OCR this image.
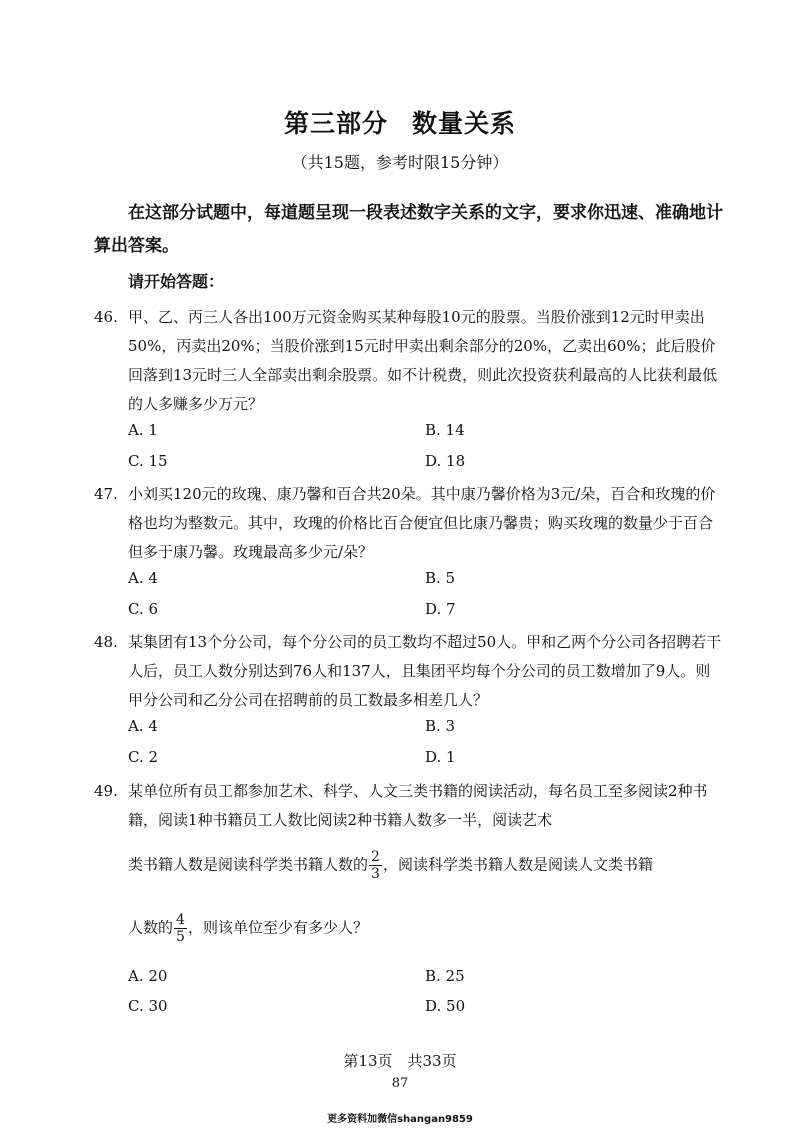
第三部分 数量关系
（共15题，参考时限15分钟）
在这部分试题中，每道题呈现一段表述数字关系的文字，要求你迅速、准确地计算出答案。
请开始答题：
46. 甲、乙、丙三人各出100万元资金购买某种每股10元的股票。当股价涨到12元时甲卖出50%，丙卖出20%；当股价涨到15元时甲卖出剩余部分的20%，乙卖出60%；此后股价回落到13元时三人全部卖出剩余股票。如不计税费，则此次投资获利最高的人比获利最低的人多赚多少万元？
A. 1	B. 14
C. 15	D. 18
47. 小刘买120元的玫瑰、康乃馨和百合共20朵。其中康乃馨价格为3元/朵，百合和玫瑰的价格也均为整数元。其中，玫瑰的价格比百合便宜但比康乃馨贵；购买玫瑰的数量少于百合但多于康乃馨。玫瑰最高多少元/朵？
A. 4	B. 5
C. 6	D. 7
48. 某集团有13个分公司，每个分公司的员工数均不超过50人。甲和乙两个分公司各招聘若干人后，员工人数分别达到76人和137人，且集团平均每个分公司的员工数增加了9人。则甲分公司和乙分公司在招聘前的员工数最多相差几人？
A. 4	B. 3
C. 2	D. 1
49. 某单位所有员工都参加艺术、科学、人文三类书籍的阅读活动，每名员工至多阅读2种书籍，阅读1种书籍员工人数比阅读2种书籍人数多一半，阅读艺术
类书籍人数是阅读科学类书籍人数的 $\frac{2}{3}$ ，阅读科学类书籍人数是阅读人文类书籍
人数的 $\frac{4}{5}$ ，则该单位至少有多少人？
A. 20	B. 25
C. 30	D. 50
第13页　共33页
87
更多资料加微信shangan9859
